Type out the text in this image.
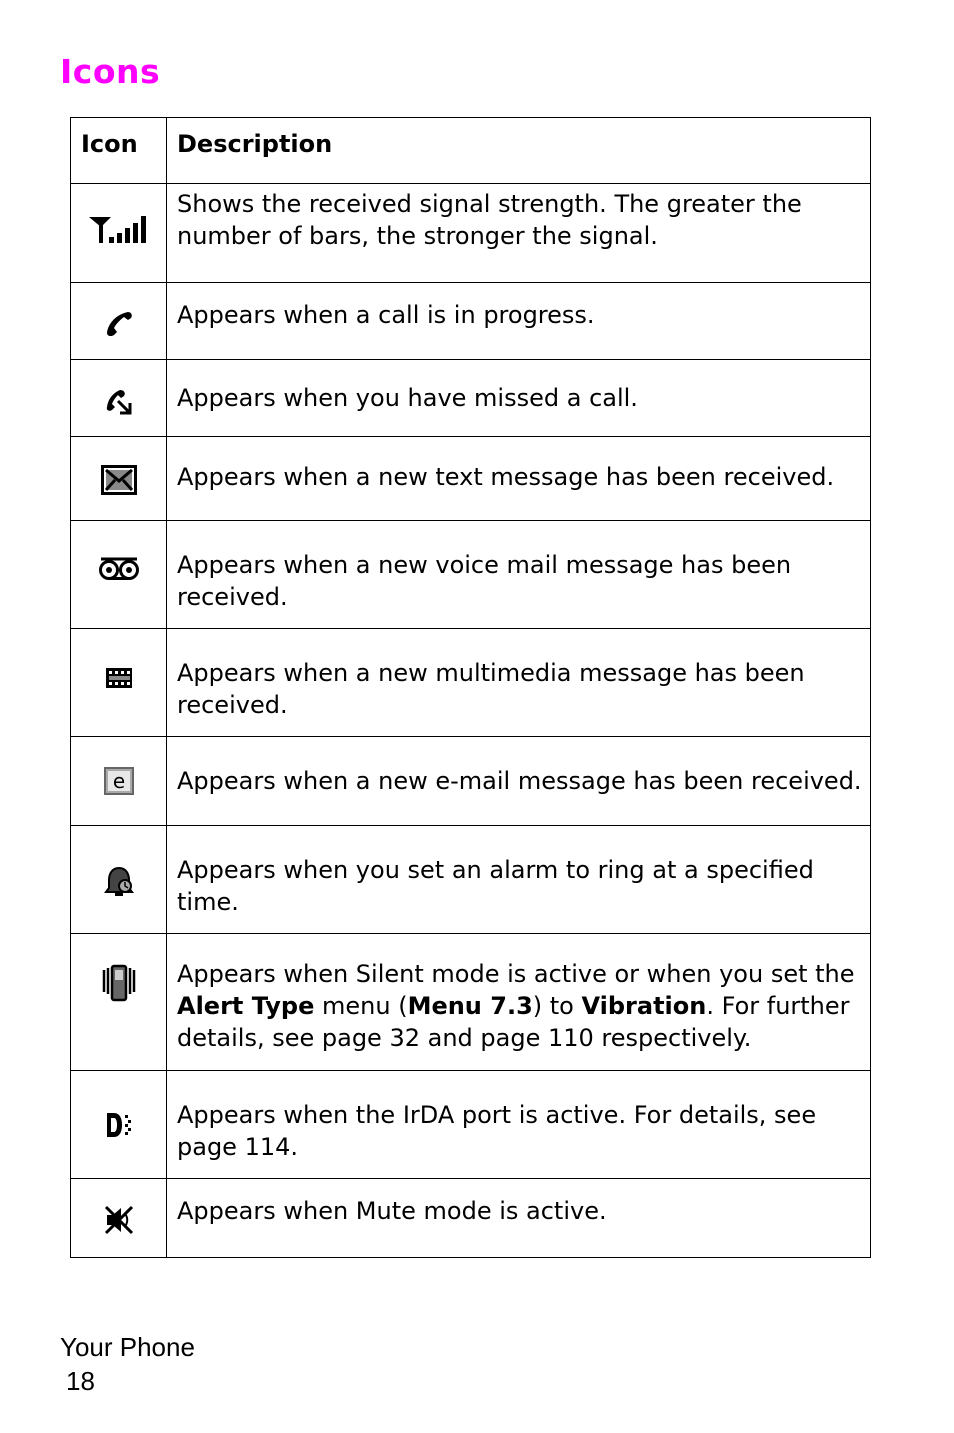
Icons
Icon	Description

Shows the received signal strength. The greater the number of bars, the stronger the signal.

Appears when a call is in progress.

Appears when you have missed a call.

Appears when a new text message has been received.

Appears when a new voice mail message has been received.

Appears when a new multimedia message has been received.

e	Appears when a new e-mail message has been received.

Appears when you set an alarm to ring at a specified time.

Appears when Silent mode is active or when you set the Alert Type menu (Menu 7.3) to Vibration. For further details, see page 32 and page 110 respectively.

Appears when the IrDA port is active. For details, see page 114.

Appears when Mute mode is active.
Your Phone
18
